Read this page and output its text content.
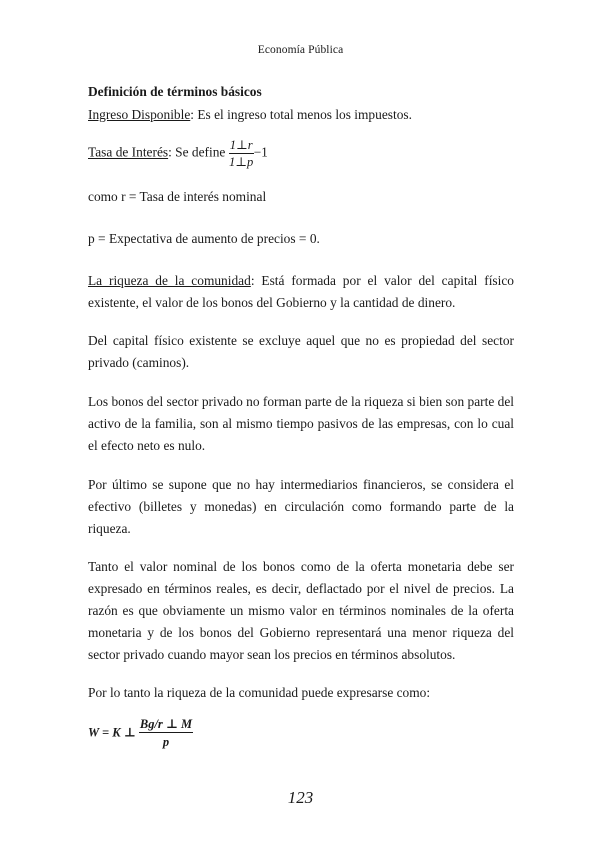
Economía Pública
Definición de términos básicos
Ingreso Disponible: Es el ingreso total menos los impuestos.
Tasa de Interés: Se define $\frac{1\perp r}{1\perp p} -1$
como r = Tasa de interés nominal
p = Expectativa de aumento de precios = 0.
La riqueza de la comunidad: Está formada por el valor del capital físico existente, el valor de los bonos del Gobierno y la cantidad de dinero.
Del capital físico existente se excluye aquel que no es propiedad del sector privado (caminos).
Los bonos del sector privado no forman parte de la riqueza si bien son parte del activo de la familia, son al mismo tiempo pasivos de las empresas, con lo cual el efecto neto es nulo.
Por último se supone que no hay intermediarios financieros, se considera el efectivo (billetes y monedas) en circulación como formando parte de la riqueza.
Tanto el valor nominal de los bonos como de la oferta monetaria debe ser expresado en términos reales, es decir, deflactado por el nivel de precios. La razón es que obviamente un mismo valor en términos nominales de la oferta monetaria y de los bonos del Gobierno representará una menor riqueza del sector privado cuando mayor sean los precios en términos absolutos.
Por lo tanto la riqueza de la comunidad puede expresarse como:
W = K ⊥ $\frac{Bg/r \perp M}{p}$
123
